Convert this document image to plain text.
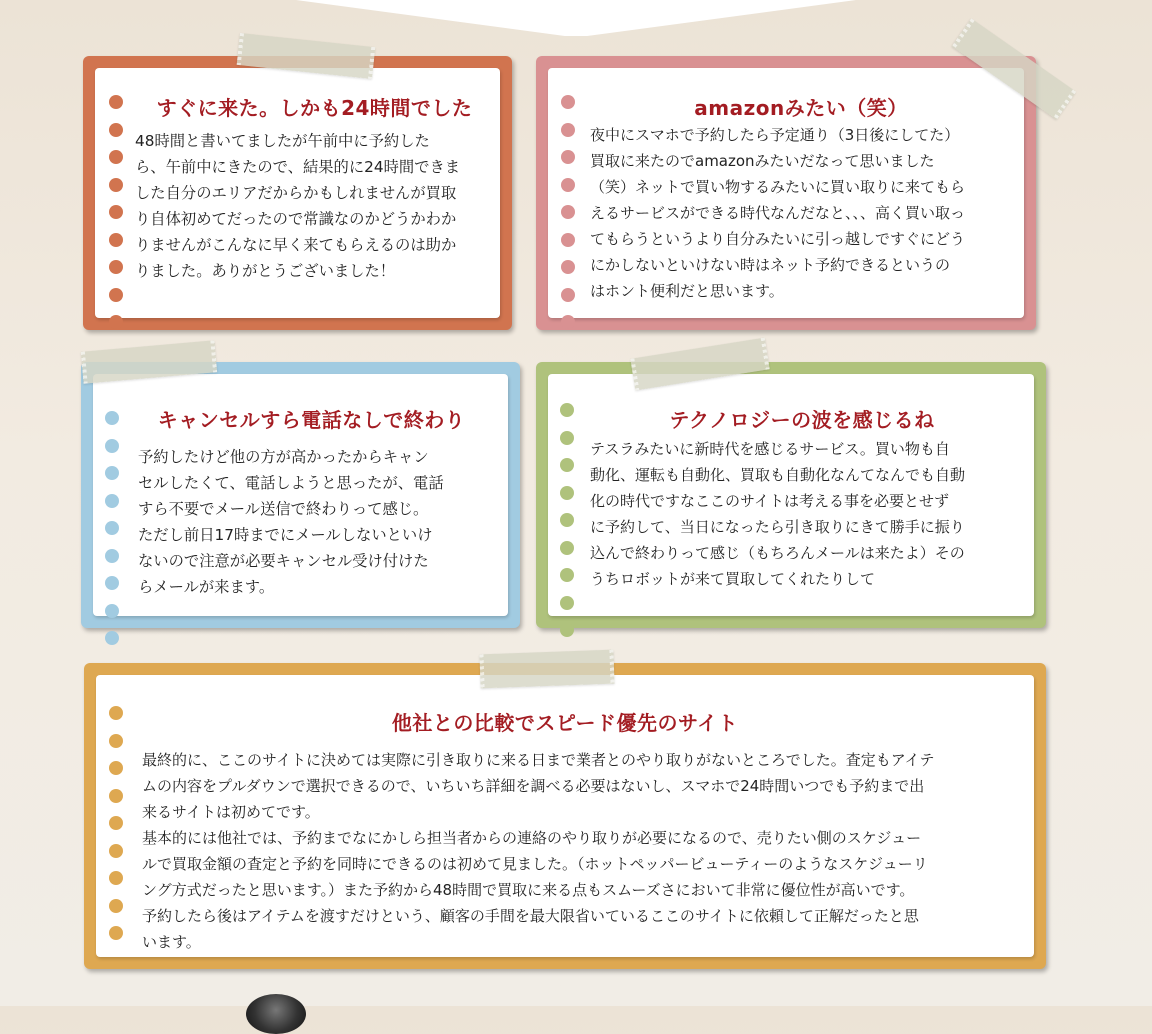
すぐに来た。しかも24時間でした

48時間と書いてましたが午前中に予約した

ら、午前中にきたので、結果的に24時間できま

した自分のエリアだからかもしれませんが買取

り自体初めてだったので常識なのかどうかわか

りませんがこんなに早く来てもらえるのは助か

りました。ありがとうございました！

amazonみたい（笑）

夜中にスマホで予約したら予定通り（3日後にしてた）

買取に来たのでamazonみたいだなって思いました

（笑）ネットで買い物するみたいに買い取りに来てもら

えるサービスができる時代なんだなと、、、高く買い取っ

てもらうというより自分みたいに引っ越しですぐにどう

にかしないといけない時はネット予約できるというの

はホント便利だと思います。

キャンセルすら電話なしで終わり

予約したけど他の方が高かったからキャン

セルしたくて、電話しようと思ったが、電話

すら不要でメール送信で終わりって感じ。

ただし前日17時までにメールしないといけ

ないので注意が必要キャンセル受け付けた

らメールが来ます。

テクノロジーの波を感じるね

テスラみたいに新時代を感じるサービス。買い物も自

動化、運転も自動化、買取も自動化なんてなんでも自動

化の時代ですなここのサイトは考える事を必要とせず

に予約して、当日になったら引き取りにきて勝手に振り

込んで終わりって感じ（もちろんメールは来たよ）その

うちロボットが来て買取してくれたりして

他社との比較でスピード優先のサイト

最終的に、ここのサイトに決めては実際に引き取りに来る日まで業者とのやり取りがないところでした。査定もアイテ

ムの内容をプルダウンで選択できるので、いちいち詳細を調べる必要はないし、スマホで24時間いつでも予約まで出

来るサイトは初めてです。

基本的には他社では、予約までなにかしら担当者からの連絡のやり取りが必要になるので、売りたい側のスケジュー

ルで買取金額の査定と予約を同時にできるのは初めて見ました。（ホットペッパービューティーのようなスケジューリ

ング方式だったと思います。）また予約から48時間で買取に来る点もスムーズさにおいて非常に優位性が高いです。

予約したら後はアイテムを渡すだけという、顧客の手間を最大限省いているここのサイトに依頼して正解だったと思

います。
